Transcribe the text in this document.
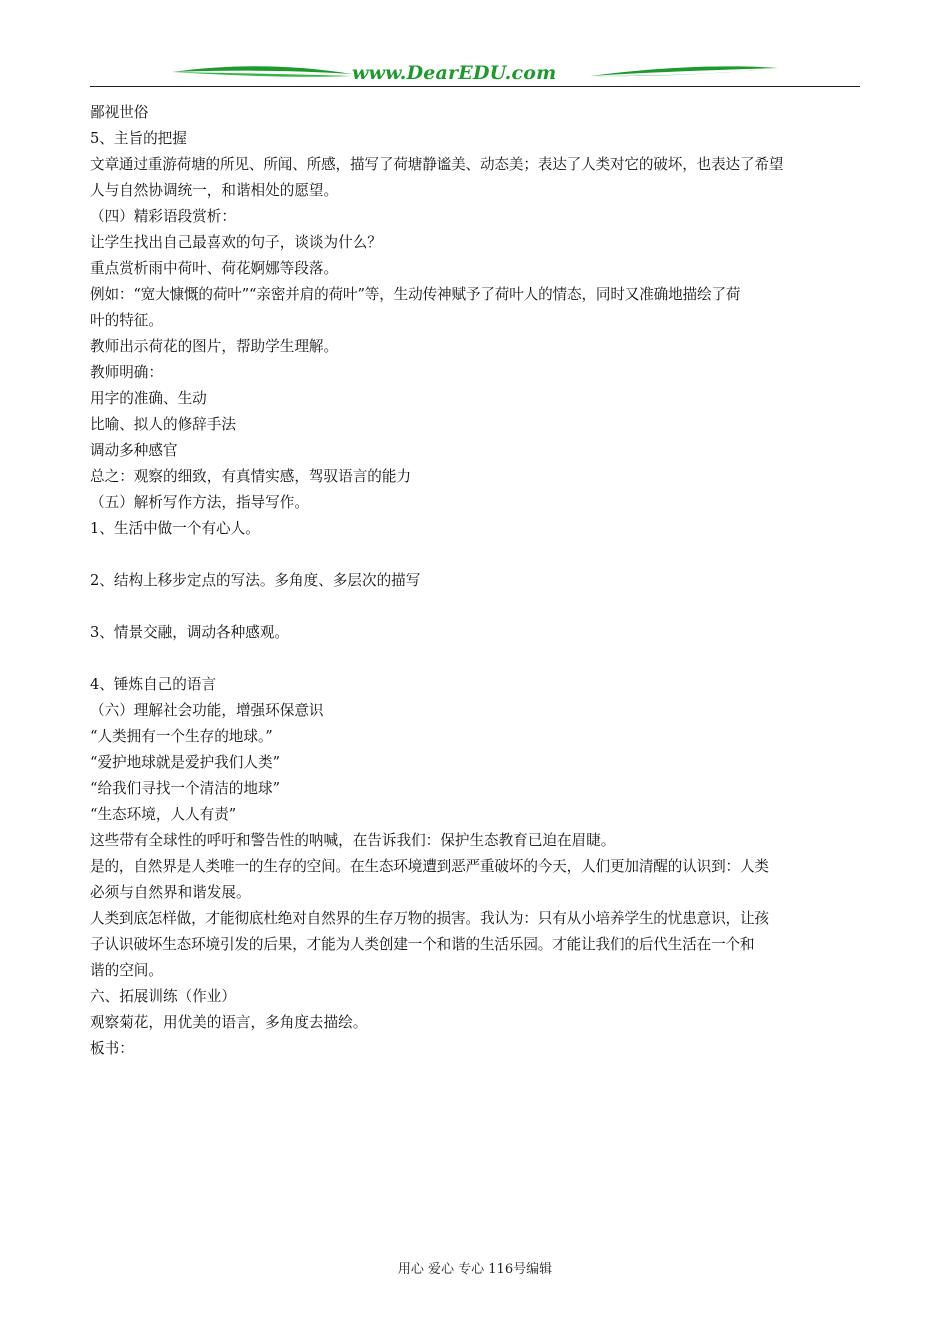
www.DearEDU.com
鄙视世俗
5、主旨的把握
文章通过重游荷塘的所见、所闻、所感，描写了荷塘静谧美、动态美；表达了人类对它的破坏，也表达了希望
人与自然协调统一，和谐相处的愿望。
（四）精彩语段赏析：
让学生找出自己最喜欢的句子，谈谈为什么？
重点赏析雨中荷叶、荷花婀娜等段落。
例如：“宽大慷慨的荷叶”“亲密并肩的荷叶”等，生动传神赋予了荷叶人的情态，同时又准确地描绘了荷
叶的特征。
教师出示荷花的图片，帮助学生理解。
教师明确：
用字的准确、生动
比喻、拟人的修辞手法
调动多种感官
总之：观察的细致，有真情实感，驾驭语言的能力
（五）解析写作方法，指导写作。
1、生活中做一个有心人。
2、结构上移步定点的写法。多角度、多层次的描写
3、情景交融，调动各种感观。
4、锤炼自己的语言
（六）理解社会功能，增强环保意识
“人类拥有一个生存的地球。”
“爱护地球就是爱护我们人类”
“给我们寻找一个清洁的地球”
“生态环境，人人有责”
这些带有全球性的呼吁和警告性的呐喊，在告诉我们：保护生态教育已迫在眉睫。
是的，自然界是人类唯一的生存的空间。在生态环境遭到恶严重破坏的今天，人们更加清醒的认识到：人类
必须与自然界和谐发展。
人类到底怎样做，才能彻底杜绝对自然界的生存万物的损害。我认为：只有从小培养学生的忧患意识，让孩
子认识破坏生态环境引发的后果，才能为人类创建一个和谐的生活乐园。才能让我们的后代生活在一个和
谐的空间。
六、拓展训练（作业）
观察菊花，用优美的语言，多角度去描绘。
板书：
用心 爱心 专心 116号编辑
